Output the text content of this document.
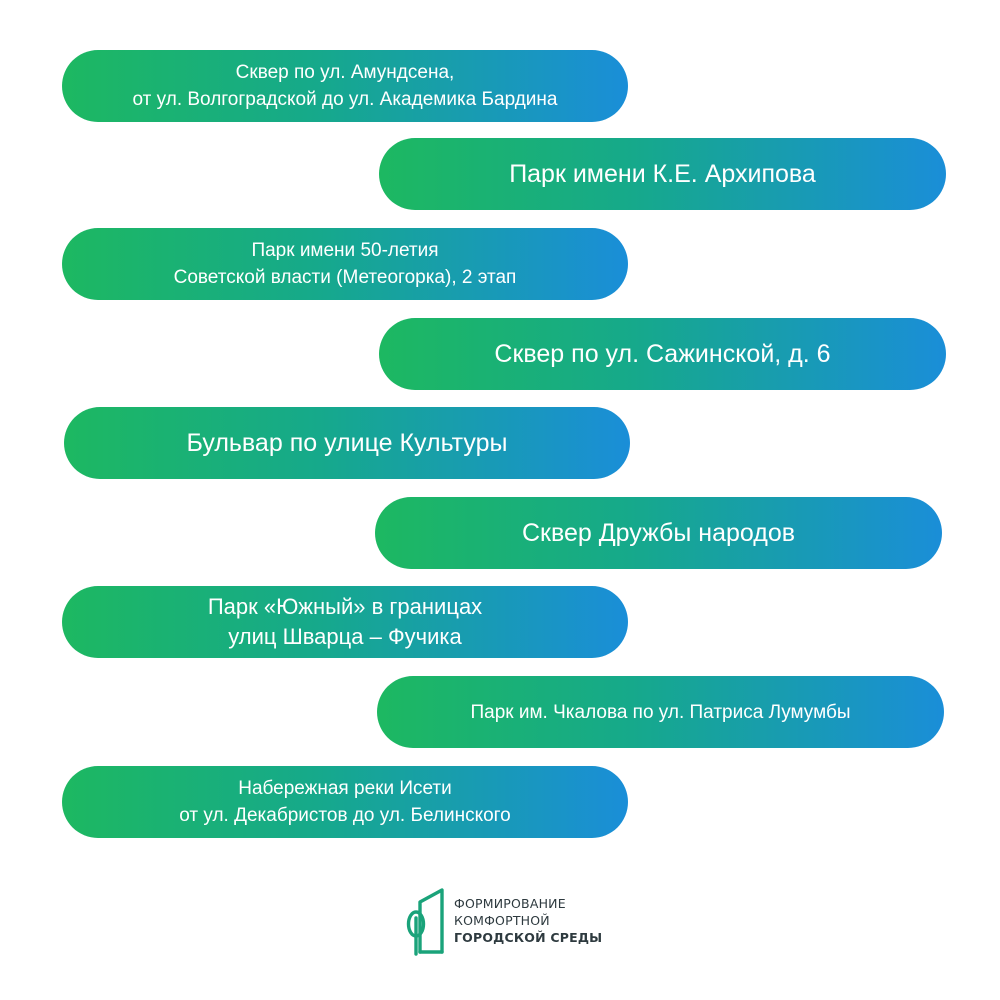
Сквер по ул. Амундсена,
от ул. Волгоградской до ул. Академика Бардина
Парк имени К.Е. Архипова
Парк имени 50-летия
Советской власти (Метеогорка), 2 этап
Сквер по ул. Сажинской, д. 6
Бульвар по улице Культуры
Сквер Дружбы народов
Парк «Южный» в границах
улиц Шварца – Фучика
Парк им. Чкалова по ул. Патриса Лумумбы
Набережная реки Исети
от ул. Декабристов до ул. Белинского
ФОРМИРОВАНИЕ
КОМФОРТНОЙ
ГОРОДСКОЙ СРЕДЫ
